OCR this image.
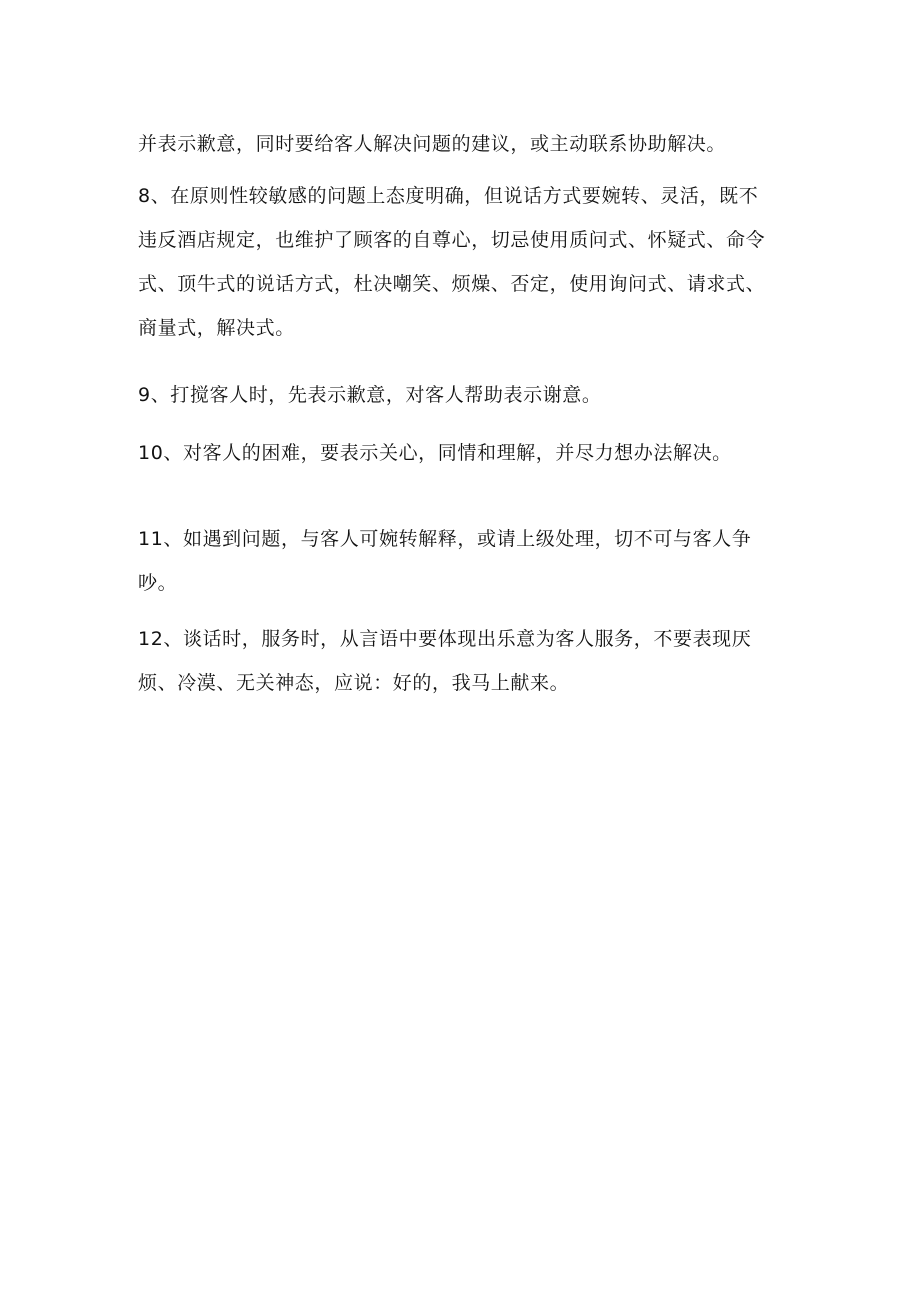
并表示歉意，同时要给客人解决问题的建议，或主动联系协助解决。

8、在原则性较敏感的问题上态度明确，但说话方式要婉转、灵活，既不
违反酒店规定，也维护了顾客的自尊心，切忌使用质问式、怀疑式、命令
式、顶牛式的说话方式，杜决嘲笑、烦燥、否定，使用询问式、请求式、
商量式，解决式。

9、打搅客人时，先表示歉意，对客人帮助表示谢意。

10、对客人的困难，要表示关心，同情和理解，并尽力想办法解决。

11、如遇到问题，与客人可婉转解释，或请上级处理，切不可与客人争
吵。

12、谈话时，服务时，从言语中要体现出乐意为客人服务，不要表现厌
烦、冷漠、无关神态，应说：好的，我马上献来。
